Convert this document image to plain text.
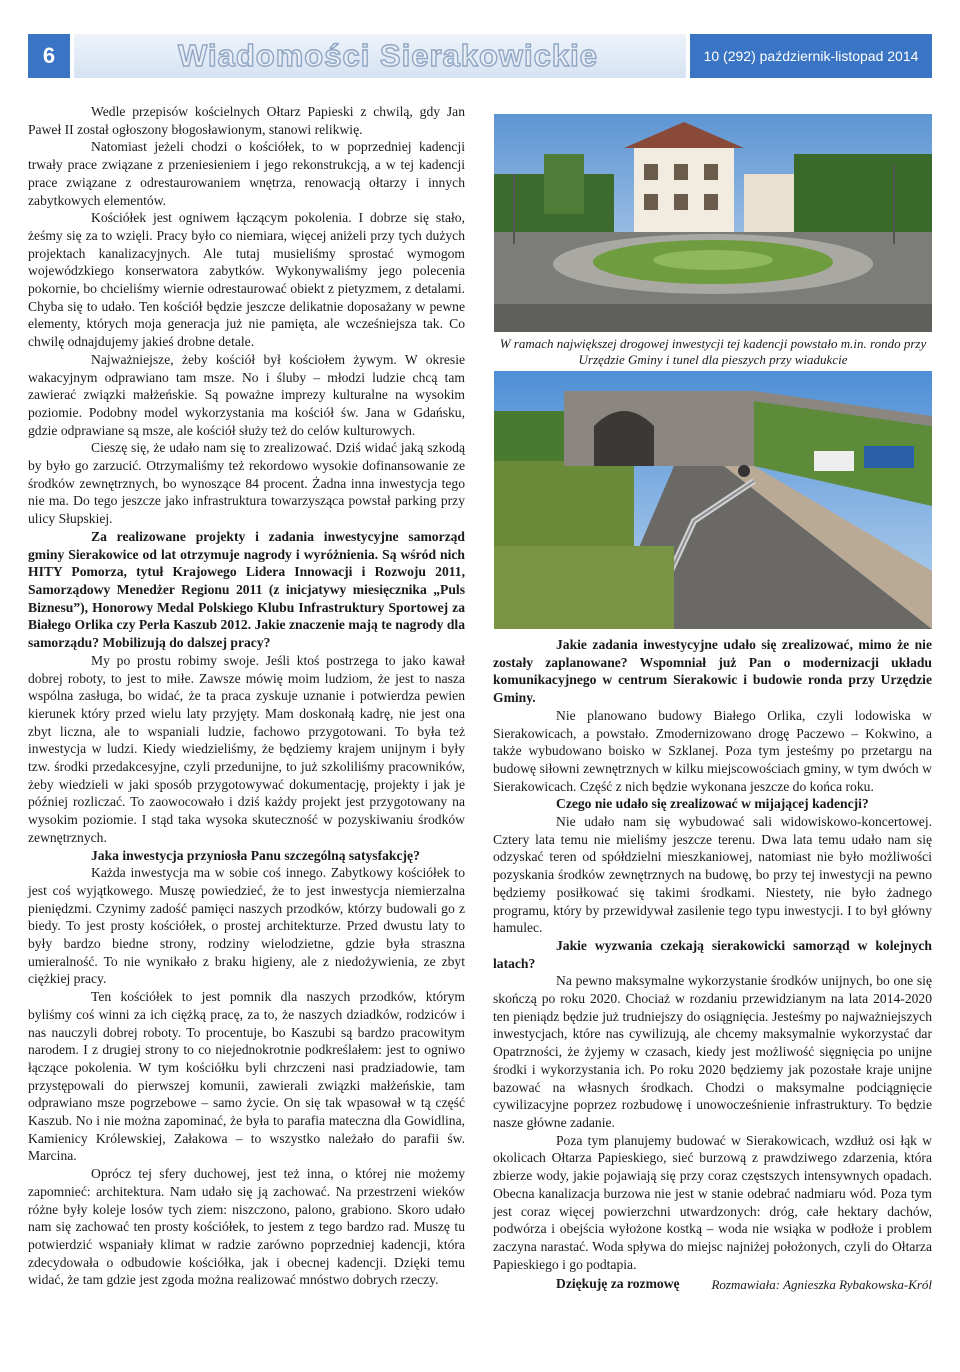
6	Wiadomości Sierakowickie	10 (292) październik-listopad 2014

Wedle przepisów kościelnych Ołtarz Papieski z chwilą, gdy Jan Paweł II został ogłoszony błogosławionym, stanowi relikwię.

Natomiast jeżeli chodzi o kościółek, to w poprzedniej kadencji trwały prace związane z przeniesieniem i jego rekonstrukcją, a w tej kadencji prace związane z odrestaurowaniem wnętrza, renowacją ołtarzy i innych zabytkowych elementów.

Kościółek jest ogniwem łączącym pokolenia. I dobrze się stało, żeśmy się za to wzięli. Pracy było co niemiara, więcej aniżeli przy tych dużych projektach kanalizacyjnych. Ale tutaj musieliśmy sprostać wymogom wojewódzkiego konserwatora zabytków. Wykonywaliśmy jego polecenia pokornie, bo chcieliśmy wiernie odrestaurować obiekt z pietyzmem, z detalami. Chyba się to udało. Ten kościół będzie jeszcze delikatnie doposażany w pewne elementy, których moja generacja już nie pamięta, ale wcześniejsza tak. Co chwilę odnajdujemy jakieś drobne detale.

Najważniejsze, żeby kościół był kościołem żywym. W okresie wakacyjnym odprawiano tam msze. No i śluby – młodzi ludzie chcą tam zawierać związki małżeńskie. Są poważne imprezy kulturalne na wysokim poziomie. Podobny model wykorzystania ma kościół św. Jana w Gdańsku, gdzie odprawiane są msze, ale kościół służy też do celów kulturowych.

Cieszę się, że udało nam się to zrealizować. Dziś widać jaką szkodą by było go zarzucić. Otrzymaliśmy też rekordowo wysokie dofinansowanie ze środków zewnętrznych, bo wynoszące 84 procent. Żadna inna inwestycja tego nie ma. Do tego jeszcze jako infrastruktura towarzysząca powstał parking przy ulicy Słupskiej.

Za realizowane projekty i zadania inwestycyjne samorząd gminy Sierakowice od lat otrzymuje nagrody i wyróżnienia. Są wśród nich HITY Pomorza, tytuł Krajowego Lidera Innowacji i Rozwoju 2011, Samorządowy Menedżer Regionu 2011 (z inicjatywy miesięcznika „Puls Biznesu”), Honorowy Medal Polskiego Klubu Infrastruktury Sportowej za Białego Orlika czy Perła Kaszub 2012. Jakie znaczenie mają te nagrody dla samorządu? Mobilizują do dalszej pracy?

My po prostu robimy swoje. Jeśli ktoś postrzega to jako kawał dobrej roboty, to jest to miłe. Zawsze mówię moim ludziom, że jest to nasza wspólna zasługa, bo widać, że ta praca zyskuje uznanie i potwierdza pewien kierunek który przed wielu laty przyjęty. Mam doskonałą kadrę, nie jest ona zbyt liczna, ale to wspaniali ludzie, fachowo przygotowani. To była też inwestycja w ludzi. Kiedy wiedzieliśmy, że będziemy krajem unijnym i były tzw. środki przedakcesyjne, czyli przedunijne, to już szkoliliśmy pracowników, żeby wiedzieli w jaki sposób przygotowywać dokumentację, projekty i jak je później rozliczać. To zaowocowało i dziś każdy projekt jest przygotowany na wysokim poziomie. I stąd taka wysoka skuteczność w pozyskiwaniu środków zewnętrznych.

Jaka inwestycja przyniosła Panu szczególną satysfakcję?

Każda inwestycja ma w sobie coś innego. Zabytkowy kościółek to jest coś wyjątkowego. Muszę powiedzieć, że to jest inwestycja niemierzalna pieniędzmi. Czynimy zadość pamięci naszych przodków, którzy budowali go z biedy. To jest prosty kościółek, o prostej architekturze. Przed dwustu laty to były bardzo biedne strony, rodziny wielodzietne, gdzie była straszna umieralność. To nie wynikało z braku higieny, ale z niedożywienia, ze zbyt ciężkiej pracy.

Ten kościółek to jest pomnik dla naszych przodków, którym byliśmy coś winni za ich ciężką pracę, za to, że naszych dziadków, rodziców i nas nauczyli dobrej roboty. To procentuje, bo Kaszubi są bardzo pracowitym narodem. I z drugiej strony to co niejednokrotnie podkreślałem: jest to ogniwo łączące pokolenia. W tym kościółku byli chrzczeni nasi pradziadowie, tam przystępowali do pierwszej komunii, zawierali związki małżeńskie, tam odprawiano msze pogrzebowe – samo życie. On się tak wpasował w tą część Kaszub. No i nie można zapominać, że była to parafia mateczna dla Gowidlina, Kamienicy Królewskiej, Załakowa – to wszystko należało do parafii św. Marcina.

Oprócz tej sfery duchowej, jest też inna, o której nie możemy zapomnieć: architektura. Nam udało się ją zachować. Na przestrzeni wieków różne były koleje losów tych ziem: niszczono, palono, grabiono. Skoro udało nam się zachować ten prosty kościółek, to jestem z tego bardzo rad. Muszę tu potwierdzić wspaniały klimat w radzie zarówno poprzedniej kadencji, która zdecydowała o odbudowie kościółka, jak i obecnej kadencji. Dzięki temu widać, że tam gdzie jest zgoda można realizować mnóstwo dobrych rzeczy.

W ramach największej drogowej inwestycji tej kadencji powstało m.in. rondo przy Urzędzie Gminy i tunel dla pieszych przy wiadukcie

Jakie zadania inwestycyjne udało się zrealizować, mimo że nie zostały zaplanowane? Wspomniał już Pan o modernizacji układu komunikacyjnego w centrum Sierakowic i budowie ronda przy Urzędzie Gminy.

Nie planowano budowy Białego Orlika, czyli lodowiska w Sierakowicach, a powstało. Zmodernizowano drogę Paczewo – Kokwino, a także wybudowano boisko w Szklanej. Poza tym jesteśmy po przetargu na budowę siłowni zewnętrznych w kilku miejscowościach gminy, w tym dwóch w Sierakowicach. Część z nich będzie wykonana jeszcze do końca roku.

Czego nie udało się zrealizować w mijającej kadencji?

Nie udało nam się wybudować sali widowiskowo-koncertowej. Cztery lata temu nie mieliśmy jeszcze terenu. Dwa lata temu udało nam się odzyskać teren od spółdzielni mieszkaniowej, natomiast nie było możliwości pozyskania środków zewnętrznych na budowę, bo przy tej inwestycji na pewno będziemy posiłkować się takimi środkami. Niestety, nie było żadnego programu, który by przewidywał zasilenie tego typu inwestycji. I to był główny hamulec.

Jakie wyzwania czekają sierakowicki samorząd w kolejnych latach?

Na pewno maksymalne wykorzystanie środków unijnych, bo one się skończą po roku 2020. Chociaż w rozdaniu przewidzianym na lata 2014-2020 ten pieniądz będzie już trudniejszy do osiągnięcia. Jesteśmy po najważniejszych inwestycjach, które nas cywilizują, ale chcemy maksymalnie wykorzystać dar Opatrzności, że żyjemy w czasach, kiedy jest możliwość sięgnięcia po unijne środki i wykorzystania ich. Po roku 2020 będziemy jak pozostałe kraje unijne bazować na własnych środkach. Chodzi o maksymalne podciągnięcie cywilizacyjne poprzez rozbudowę i unowocześnienie infrastruktury. To będzie nasze główne zadanie.

Poza tym planujemy budować w Sierakowicach, wzdłuż osi łąk w okolicach Ołtarza Papieskiego, sieć burzową z prawdziwego zdarzenia, która zbierze wody, jakie pojawiają się przy coraz częstszych intensywnych opadach. Obecna kanalizacja burzowa nie jest w stanie odebrać nadmiaru wód. Poza tym jest coraz więcej powierzchni utwardzonych: dróg, całe hektary dachów, podwórza i obejścia wyłożone kostką – woda nie wsiąka w podłoże i problem zaczyna narastać. Woda spływa do miejsc najniżej położonych, czyli do Ołtarza Papieskiego i go podtapia.

Dziękuję za rozmowę	Rozmawiała: Agnieszka Rybakowska-Król
